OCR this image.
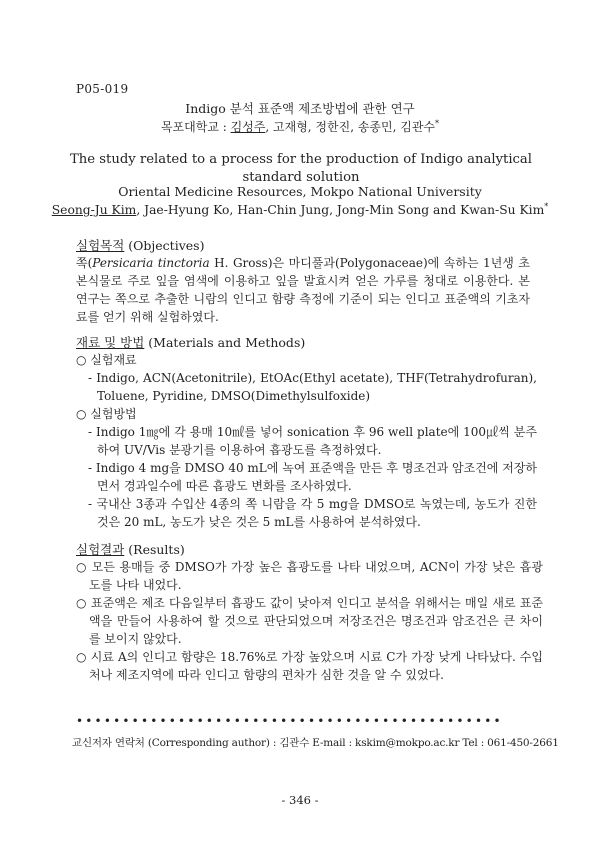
P05-019
Indigo 분석 표준액 제조방법에 관한 연구
목포대학교 : 김성주, 고재형, 정한진, 송종민, 김관수*
The study related to a process for the production of Indigo analytical standard solution
Oriental Medicine Resources, Mokpo National University
Seong-Ju Kim, Jae-Hyung Ko, Han-Chin Jung, Jong-Min Song and Kwan-Su Kim*
실험목적 (Objectives)
쪽(Persicaria tinctoria H. Gross)은 마디풀과(Polygonaceae)에 속하는 1년생 초본식물로 주로 잎을 염색에 이용하고 잎을 발효시켜 얻은 가루를 청대로 이용한다. 본 연구는 쪽으로 추출한 니람의 인디고 함량 측정에 기준이 되는 인디고 표준액의 기초자료를 얻기 위해 실험하였다.
재료 및 방법 (Materials and Methods)
○ 실험재료
- Indigo, ACN(Acetonitrile), EtOAc(Ethyl acetate), THF(Tetrahydrofuran), Toluene, Pyridine, DMSO(Dimethylsulfoxide)
○ 실험방법
- Indigo 1㎎에 각 용매 10㎖를 넣어 sonication 후 96 well plate에 100㎕씩 분주하여 UV/Vis 분광기를 이용하여 흡광도를 측정하였다.
- Indigo 4 mg을 DMSO 40 mL에 녹여 표준액을 만든 후 명조건과 암조건에 저장하면서 경과일수에 따른 흡광도 변화를 조사하였다.
- 국내산 3종과 수입산 4종의 쪽 니람을 각 5 mg을 DMSO로 녹였는데, 농도가 진한 것은 20 mL, 농도가 낮은 것은 5 mL를 사용하여 분석하였다.
실험결과 (Results)
○ 모든 용매들 중 DMSO가 가장 높은 흡광도를 나타 내었으며, ACN이 가장 낮은 흡광도를 나타 내었다.
○ 표준액은 제조 다음일부터 흡광도 값이 낮아져 인디고 분석을 위해서는 매일 새로 표준액을 만들어 사용하여 할 것으로 판단되었으며 저장조건은 명조건과 암조건은 큰 차이를 보이지 않았다.
○ 시료 A의 인디고 함량은 18.76%로 가장 높았으며 시료 C가 가장 낮게 나타났다. 수입처나 제조지역에 따라 인디고 함량의 편차가 심한 것을 알 수 있었다.
••••••••••••••••••••••••••••••••••••••••••••••
교신저자 연락처 (Corresponding author) : 김관수 E-mail : kskim@mokpo.ac.kr Tel : 061-450-2661
- 346 -
